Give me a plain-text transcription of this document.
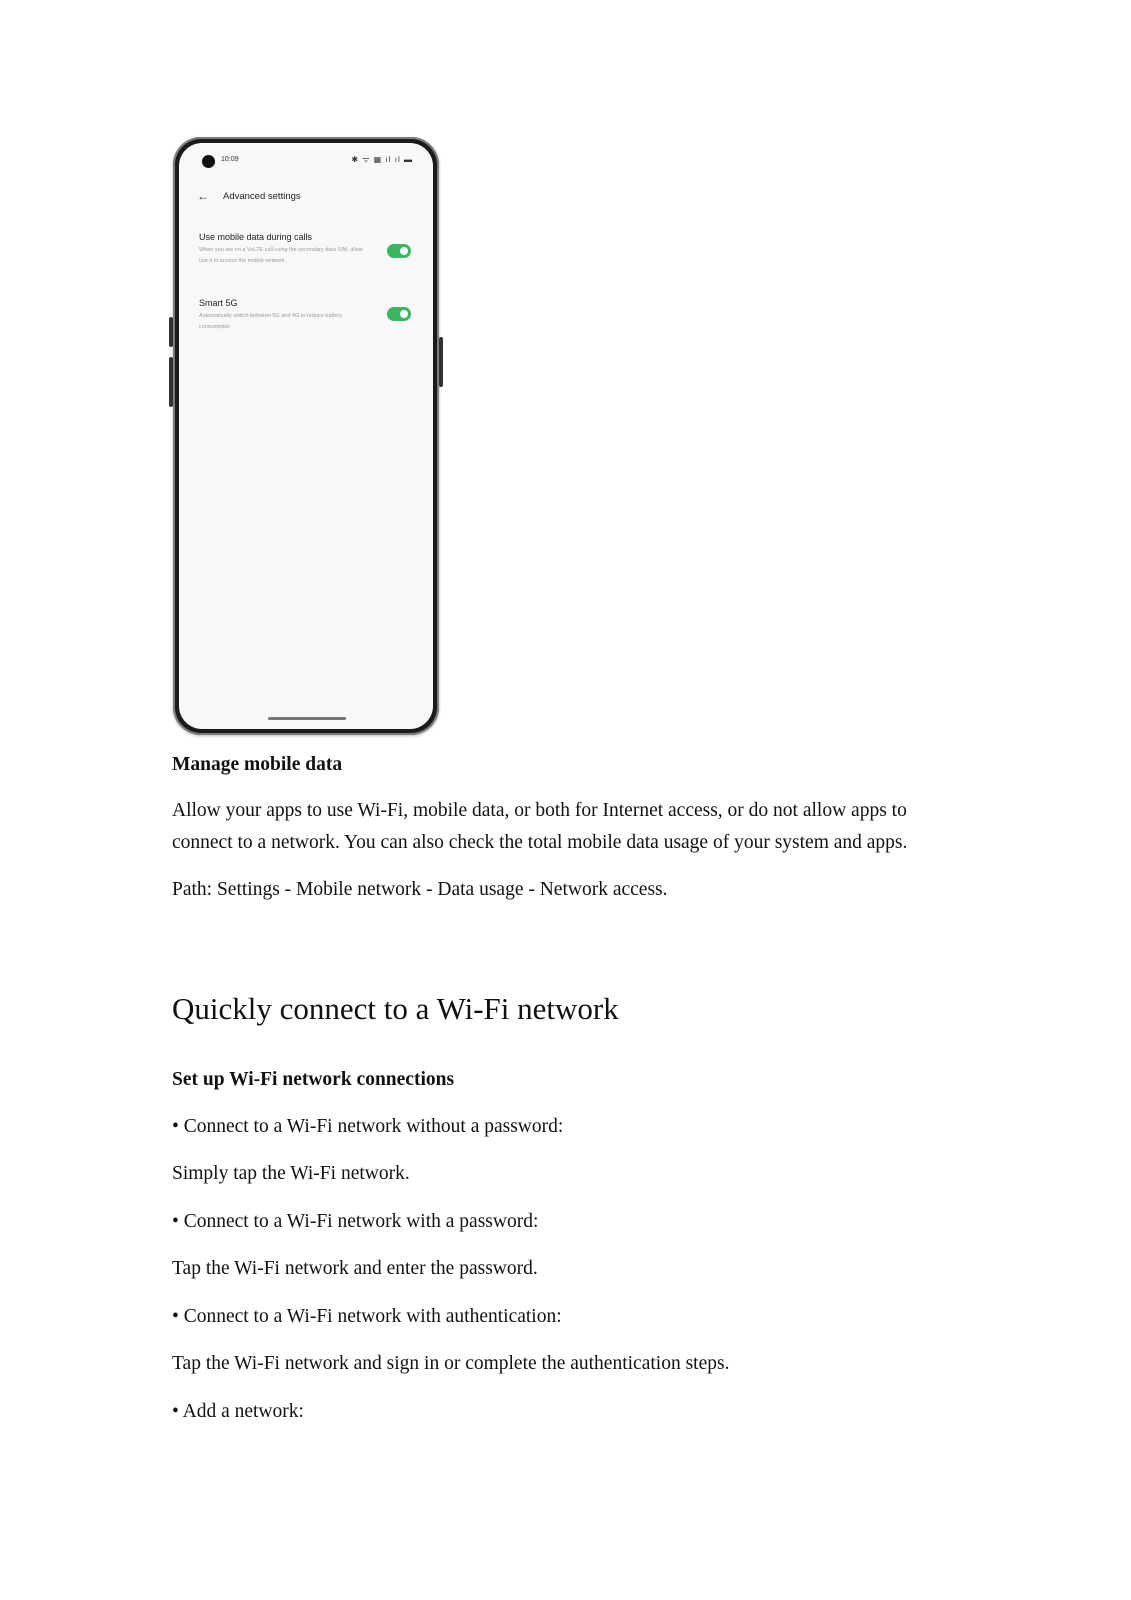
10:09	✱ ᯤ ▦ ıl ıl ▬
←	Advanced settings
Use mobile data during calls
When you are on a VoLTE call using the secondary data SIM, allow use it to access the mobile network
Smart 5G
Automatically switch between 5G and 4G to reduce battery consumption
Manage mobile data
Allow your apps to use Wi-Fi, mobile data, or both for Internet access, or do not allow apps to connect to a network. You can also check the total mobile data usage of your system and apps.
Path: Settings - Mobile network - Data usage - Network access.
Quickly connect to a Wi-Fi network
Set up Wi-Fi network connections
• Connect to a Wi-Fi network without a password:
Simply tap the Wi-Fi network.
• Connect to a Wi-Fi network with a password:
Tap the Wi-Fi network and enter the password.
• Connect to a Wi-Fi network with authentication:
Tap the Wi-Fi network and sign in or complete the authentication steps.
• Add a network:
